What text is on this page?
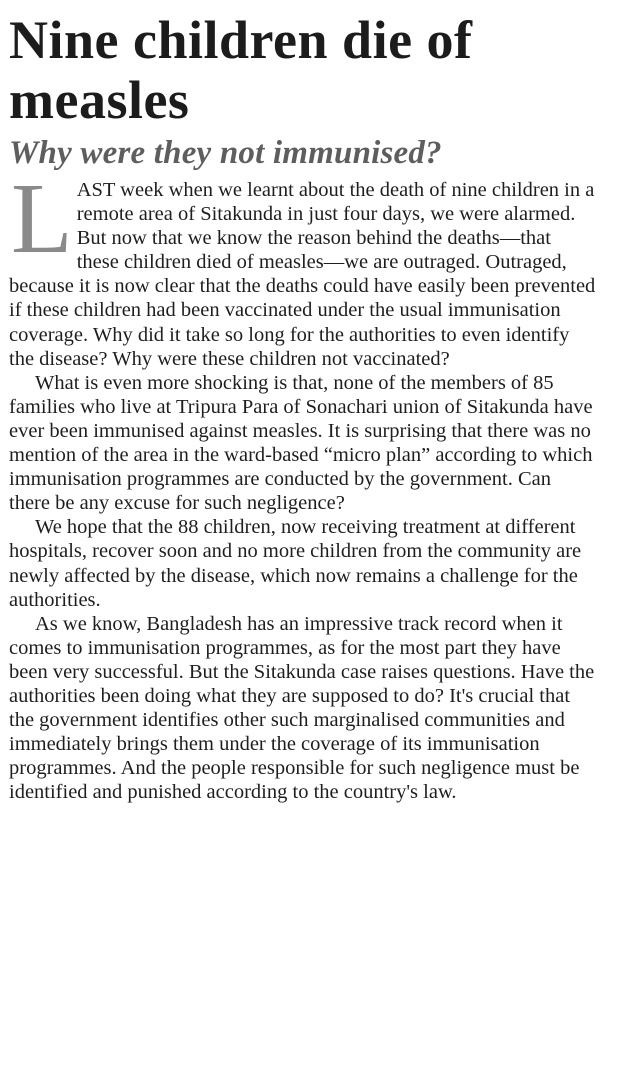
Nine children die of measles
Why were they not immunised?

LAST week when we learnt about the death of nine children in a remote area of Sitakunda in just four days, we were alarmed. But now that we know the reason behind the deaths—that these children died of measles—we are outraged. Outraged, because it is now clear that the deaths could have easily been prevented if these children had been vaccinated under the usual immunisation coverage. Why did it take so long for the authorities to even identify the disease? Why were these children not vaccinated?

What is even more shocking is that, none of the members of 85 families who live at Tripura Para of Sonachari union of Sitakunda have ever been immunised against measles. It is surprising that there was no mention of the area in the ward-based “micro plan” according to which immunisation programmes are conducted by the government. Can there be any excuse for such negligence?

We hope that the 88 children, now receiving treatment at different hospitals, recover soon and no more children from the community are newly affected by the disease, which now remains a challenge for the authorities.

As we know, Bangladesh has an impressive track record when it comes to immunisation programmes, as for the most part they have been very successful. But the Sitakunda case raises questions. Have the authorities been doing what they are supposed to do? It's crucial that the government identifies other such marginalised communities and immediately brings them under the coverage of its immunisation programmes. And the people responsible for such negligence must be identified and punished according to the country's law.
